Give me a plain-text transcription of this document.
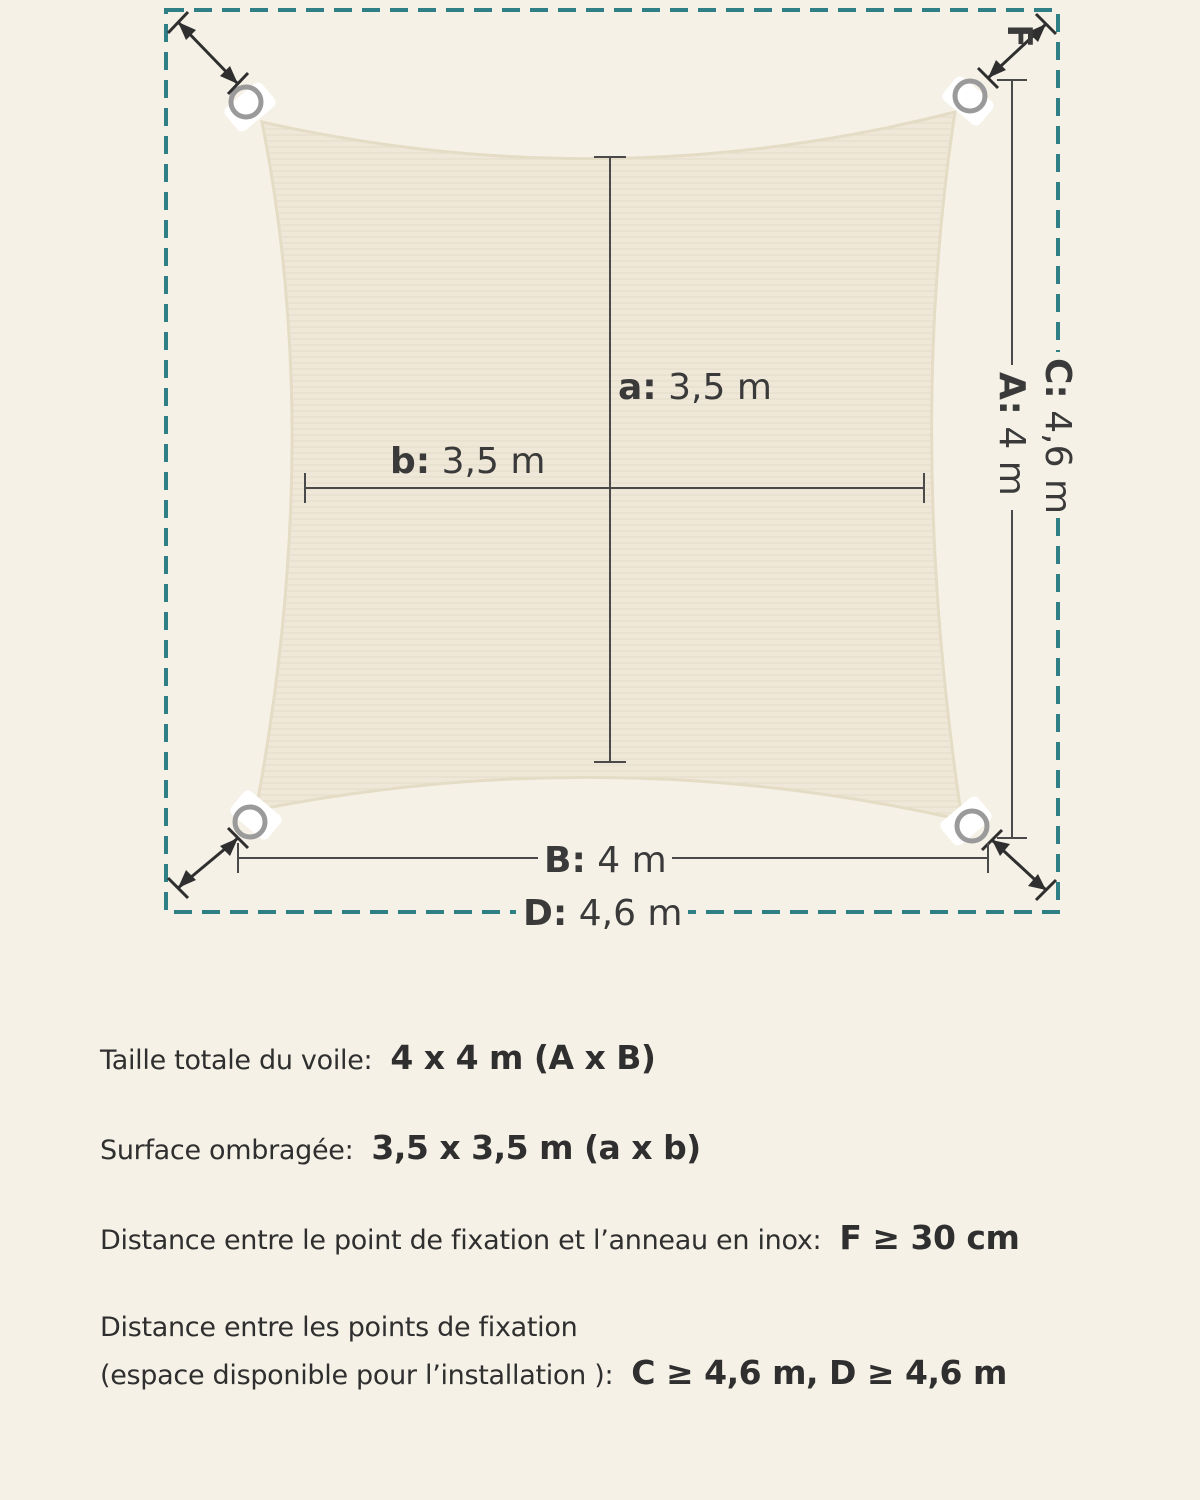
F
a: 3,5 m
b: 3,5 m
A: 4 m
C: 4,6 m
B: 4 m
D: 4,6 m
Taille totale du voile: 4 x 4 m (A x B)
Surface ombragée: 3,5 x 3,5 m (a x b)
Distance entre le point de fixation et l’anneau en inox: F ≥ 30 cm
Distance entre les points de fixation
(espace disponible pour l’installation ): C ≥ 4,6 m, D ≥ 4,6 m
